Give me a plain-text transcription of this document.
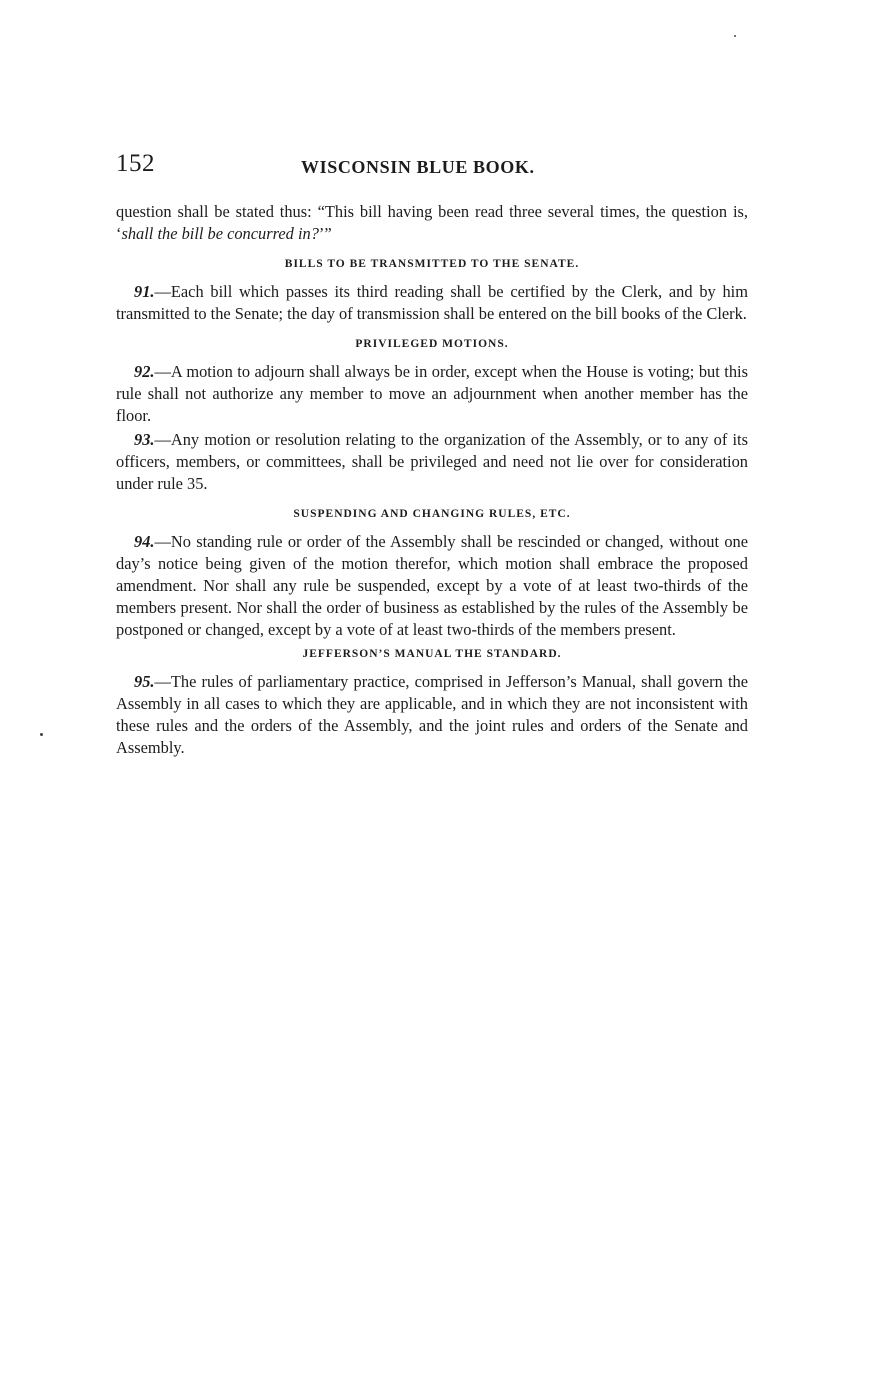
152	WISCONSIN BLUE BOOK.

question shall be stated thus: “This bill having been read three several times, the question is, ‘shall the bill be concurred in?’”

BILLS TO BE TRANSMITTED TO THE SENATE.

91.—Each bill which passes its third reading shall be certified by the Clerk, and by him transmitted to the Senate; the day of transmission shall be entered on the bill books of the Clerk.

PRIVILEGED MOTIONS.

92.—A motion to adjourn shall always be in order, except when the House is voting; but this rule shall not authorize any member to move an adjournment when another member has the floor.

93.—Any motion or resolution relating to the organization of the Assembly, or to any of its officers, members, or committees, shall be privileged and need not lie over for consideration under rule 35.

SUSPENDING AND CHANGING RULES, ETC.

94.—No standing rule or order of the Assembly shall be rescinded or changed, without one day’s notice being given of the motion therefor, which motion shall embrace the proposed amendment. Nor shall any rule be suspended, except by a vote of at least two-thirds of the members present. Nor shall the order of business as established by the rules of the Assembly be postponed or changed, except by a vote of at least two-thirds of the members present.

JEFFERSON’S MANUAL THE STANDARD.

95.—The rules of parliamentary practice, comprised in Jefferson’s Manual, shall govern the Assembly in all cases to which they are applicable, and in which they are not inconsistent with these rules and the orders of the Assembly, and the joint rules and orders of the Senate and Assembly.
